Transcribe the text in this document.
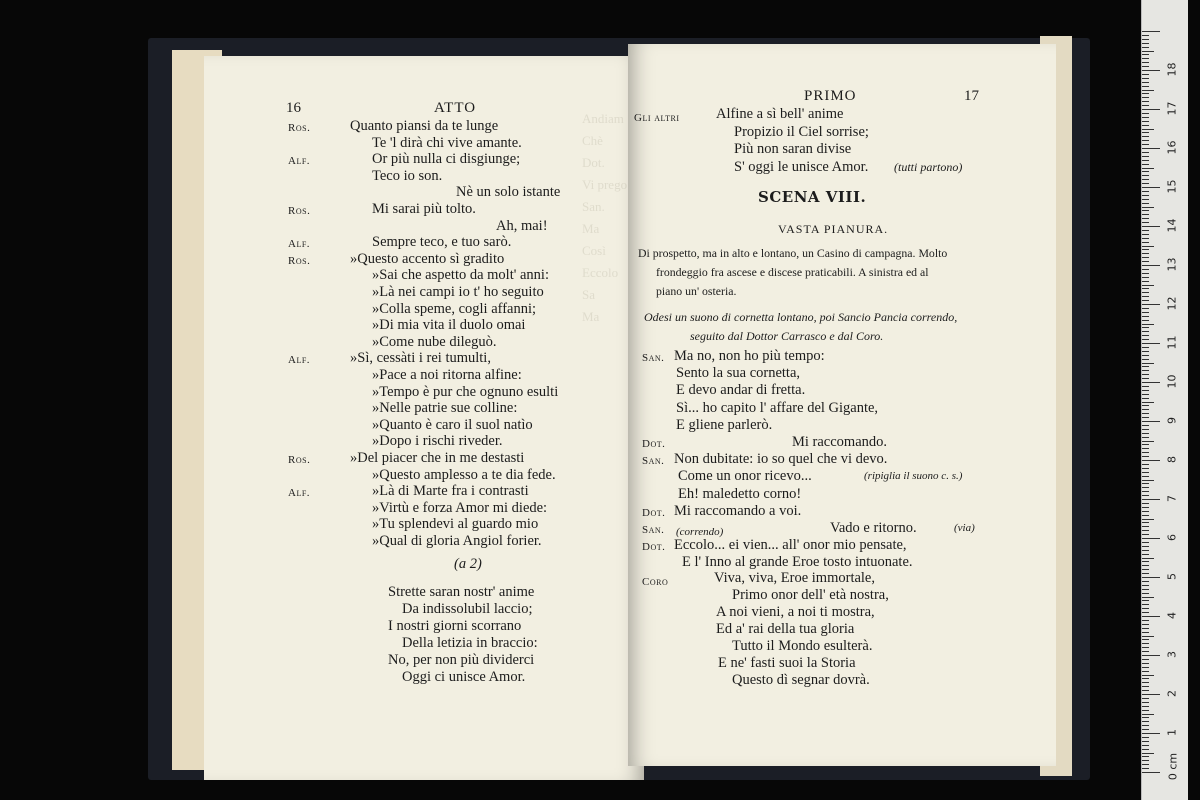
Andiam
Chè
Dot.
Vi prego
San.
Ma
Così Eccolo
Sa
Ma
16	ATTO
Ros.	Quanto piansi da te lunge
Te 'l dirà chi vive amante.
Alf.	Or più nulla ci disgiunge;
Teco io son.
Nè un solo istante
Ros.	Mi sarai più tolto.
Ah, mai!
Alf.	Sempre teco, e tuo sarò.
Ros.	»Questo accento sì gradito
»Sai che aspetto da molt' anni:
»Là nei campi io t' ho seguito
»Colla speme, cogli affanni;
»Di mia vita il duolo omai
»Come nube dileguò.
Alf.	»Sì, cessàti i rei tumulti,
»Pace a noi ritorna alfine:
»Tempo è pur che ognuno esulti
»Nelle patrie sue colline:
»Quanto è caro il suol natìo
»Dopo i rischi riveder.
Ros.	»Del piacer che in me destasti
»Questo amplesso a te dia fede.
Alf.	»Là di Marte fra i contrasti
»Virtù e forza Amor mi diede:
»Tu splendevi al guardo mio
»Qual di gloria Angiol forier.
(a 2)
Strette saran nostr' anime
Da indissolubil laccio;
I nostri giorni scorrano
Della letizia in braccio:
No, per non più dividerci
Oggi ci unisce Amor.
PRIMO	17
Gli altri	Alfine a sì bell' anime
Propizio il Ciel sorrise;
Più non saran divise
S' oggi le unisce Amor. (tutti partono)
SCENA VIII.
VASTA PIANURA.
Di prospetto, ma in alto e lontano, un Casino di campagna. Molto
frondeggio fra ascese e discese praticabili. A sinistra ed al
piano un' osteria.
Odesi un suono di cornetta lontano, poi Sancio Pancia correndo,
seguito dal Dottor Carrasco e dal Coro.
San. Ma no, non ho più tempo:
Sento la sua cornetta,
E devo andar di fretta.
Sì... ho capito l' affare del Gigante,
E gliene parlerò.
Dot.	Mi raccomando.
San. Non dubitate: io so quel che vi devo.
Come un onor ricevo...	(ripiglia il suono c. s.)
Eh! maledetto corno!
Dot. Mi raccomando a voi.
San.	Vado e ritorno.
(correndo)	(via)
Dot. Eccolo... ei vien... all' onor mio pensate,
E l' Inno al grande Eroe tosto intuonate.
Coro	Viva, viva, Eroe immortale,
Primo onor dell' età nostra,
A noi vieni, a noi ti mostra,
Ed a' rai della tua gloria
Tutto il Mondo esulterà.
E ne' fasti suoi la Storia
Questo dì segnar dovrà.
0 cm
1
2
3
4
5
6
7
8
9
10
11
12
13
14
15
16
17
18
